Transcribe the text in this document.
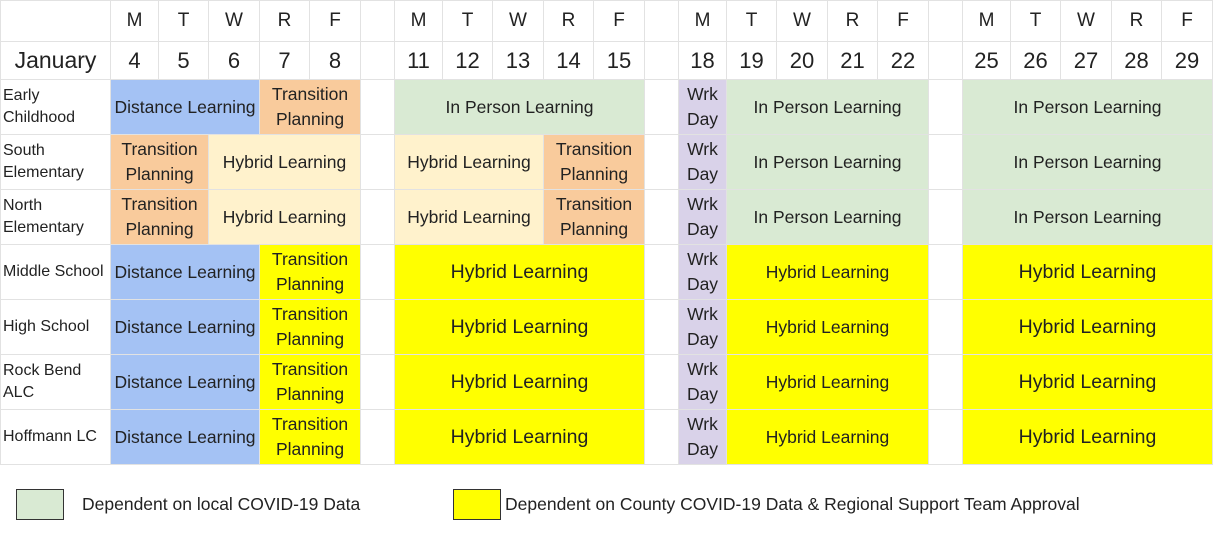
	M	T	W	R	F		M	T	W	R	F		M	T	W	R	F		M	T	W	R	F
January	4	5	6	7	8		11	12	13	14	15		18	19	20	21	22		25	26	27	28	29
Early Childhood	Distance Learning			Transition Planning			In Person Learning						Wrk Day	In Person Learning					In Person Learning				
South Elementary	Transition Planning		Hybrid Learning				Hybrid Learning			Transition Planning			Wrk Day	In Person Learning					In Person Learning				
North Elementary	Transition Planning		Hybrid Learning				Hybrid Learning			Transition Planning			Wrk Day	In Person Learning					In Person Learning				
Middle School	Distance Learning			Transition Planning			Hybrid Learning						Wrk Day	Hybrid Learning					Hybrid Learning				
High School	Distance Learning			Transition Planning			Hybrid Learning						Wrk Day	Hybrid Learning					Hybrid Learning				
Rock Bend ALC	Distance Learning			Transition Planning			Hybrid Learning						Wrk Day	Hybrid Learning					Hybrid Learning				
Hoffmann LC	Distance Learning			Transition Planning			Hybrid Learning						Wrk Day	Hybrid Learning					Hybrid Learning				
Dependent on local COVID-19 Data	Dependent on County COVID-19 Data & Regional Support Team Approval
